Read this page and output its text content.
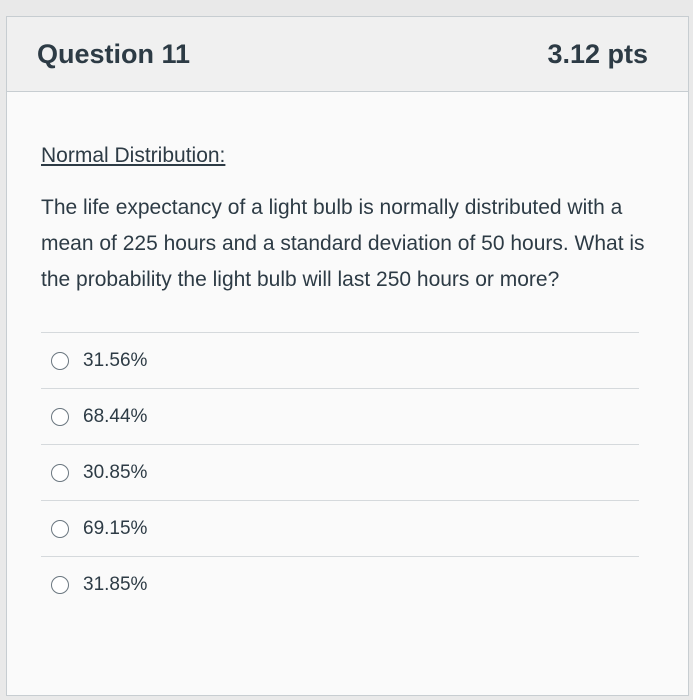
Question 11	3.12 pts
Normal Distribution:
The life expectancy of a light bulb is normally distributed with a mean of 225 hours and a standard deviation of 50 hours. What is the probability the light bulb will last 250 hours or more?
31.56%
68.44%
30.85%
69.15%
31.85%
